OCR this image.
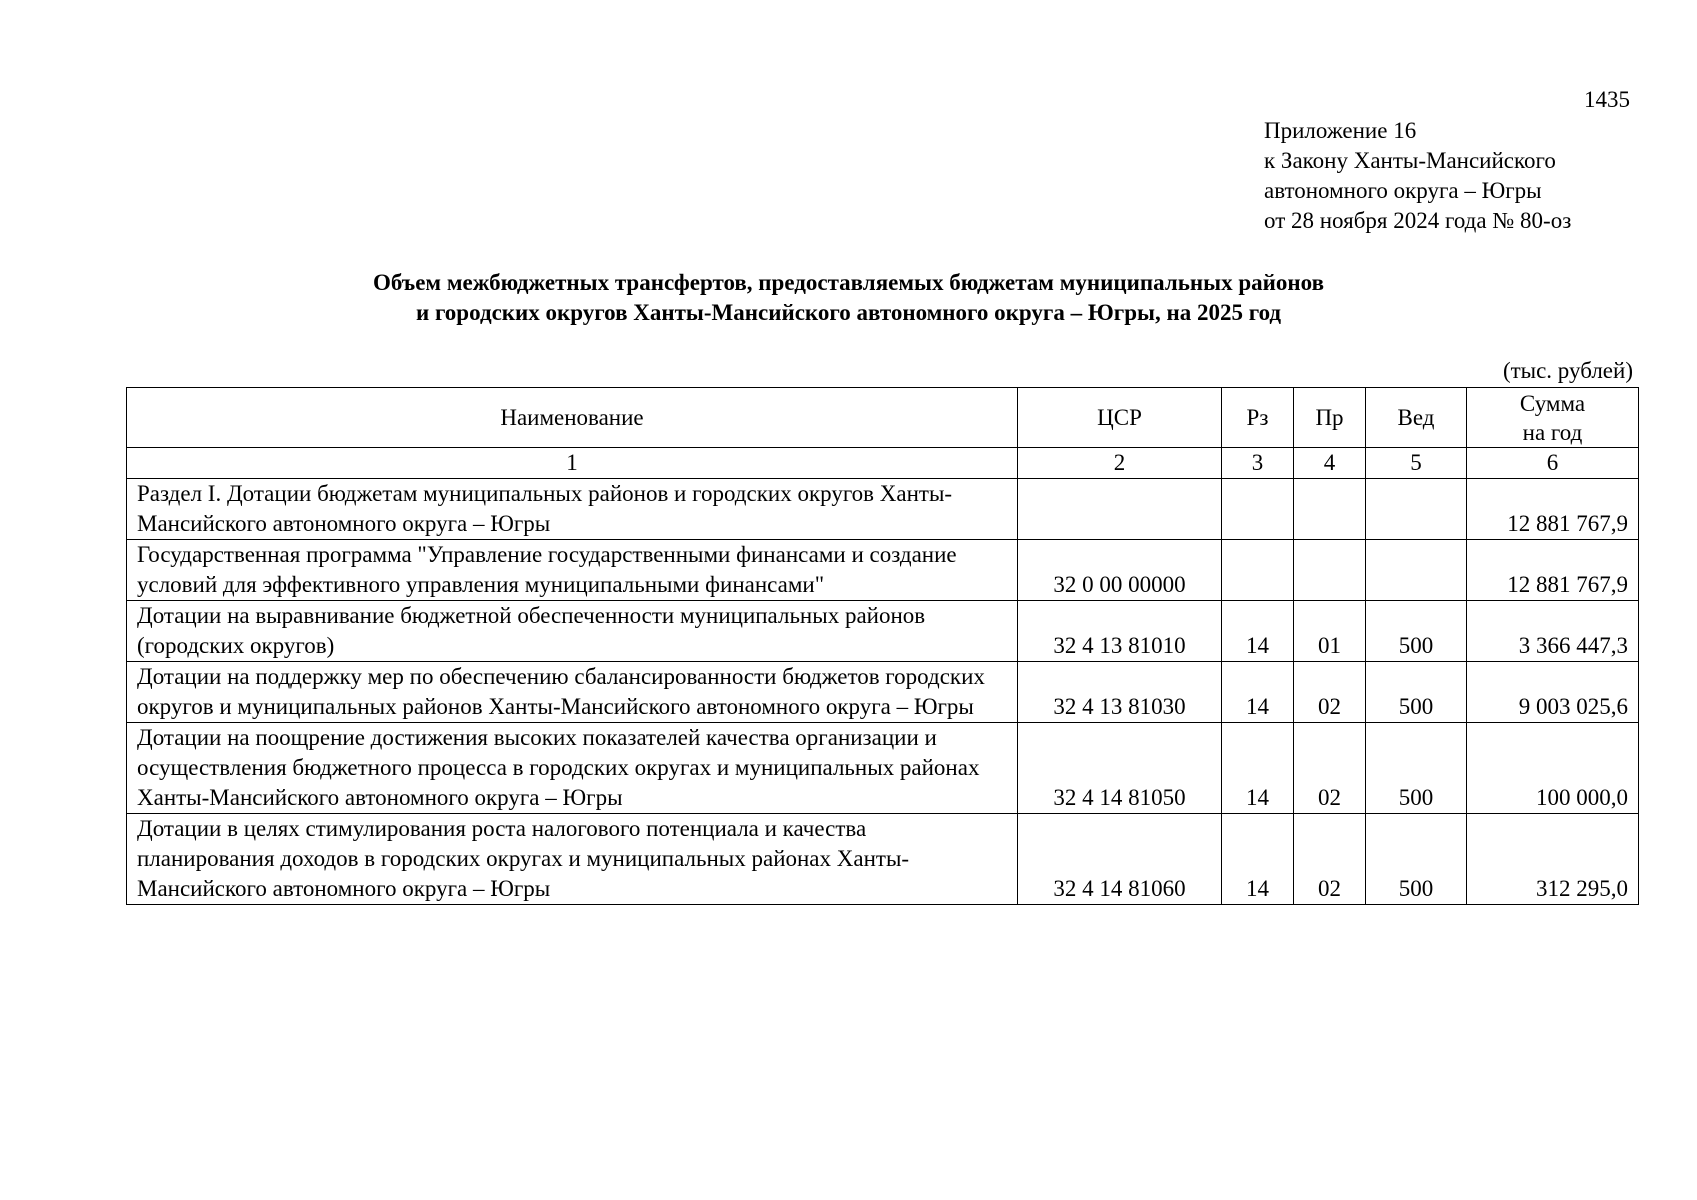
1435
Приложение 16
к Закону Ханты-Мансийского
автономного округа – Югры
от 28 ноября 2024 года № 80-оз
Объем межбюджетных трансфертов, предоставляемых бюджетам муниципальных районов
и городских округов Ханты-Мансийского автономного округа – Югры, на 2025 год
(тыс. рублей)
Наименование	ЦСР	Рз	Пр	Вед	Сумма
на год

1	2	3	4	5	6
Раздел I. Дотации бюджетам муниципальных районов и городских округов Ханты-Мансийского автономного округа – Югры					12 881 767,9
Государственная программа "Управление государственными финансами и создание условий для эффективного управления муниципальными финансами"	32 0 00 00000				12 881 767,9
Дотации на выравнивание бюджетной обеспеченности муниципальных районов (городских округов)	32 4 13 81010	14	01	500	3 366 447,3
Дотации на поддержку мер по обеспечению сбалансированности бюджетов городских округов и муниципальных районов Ханты-Мансийского автономного округа – Югры	32 4 13 81030	14	02	500	9 003 025,6
Дотации на поощрение достижения высоких показателей качества организации и осуществления бюджетного процесса в городских округах и муниципальных районах Ханты-Мансийского автономного округа – Югры	32 4 14 81050	14	02	500	100 000,0
Дотации в целях стимулирования роста налогового потенциала и качества планирования доходов в городских округах и муниципальных районах Ханты-Мансийского автономного округа – Югры	32 4 14 81060	14	02	500	312 295,0
